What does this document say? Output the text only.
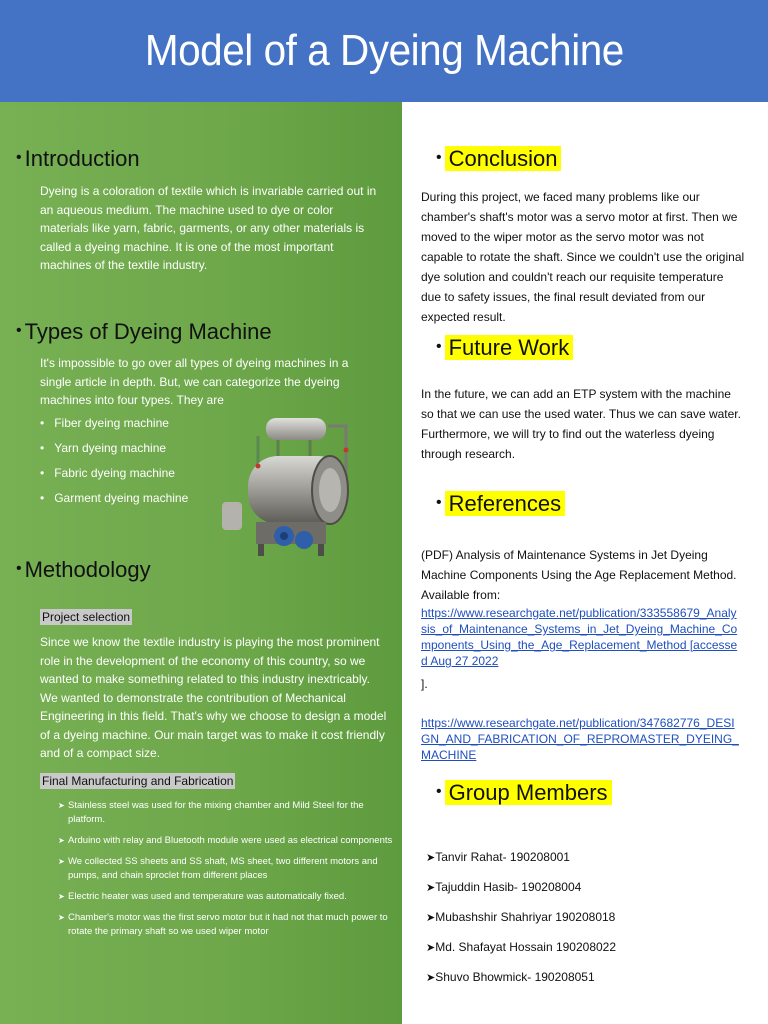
Model of a Dyeing Machine
• Introduction

Dyeing is a coloration of textile which is invariable carried out in an aqueous medium. The machine used to dye or color materials like yarn, fabric, garments, or any other materials is called a dyeing machine. It is one of the most important machines of the textile industry.

• Types of Dyeing Machine

It's impossible to go over all types of dyeing machines in a single article in depth. But, we can categorize the dyeing machines into four types. They are

• Fiber dyeing machine
• Yarn dyeing machine
• Fabric dyeing machine
• Garment dyeing machine
• Methodology
Project selection

Since we know the textile industry is playing the most prominent role in the development of the economy of this country, so we wanted to make something related to this industry inextricably. We wanted to demonstrate the contribution of Mechanical Engineering in this field. That's why we choose to design a model of a dyeing machine. Our main target was to make it cost friendly and of a compact size.

Final Manufacturing and Fabrication
➤ Stainless steel was used for the mixing chamber and Mild Steel for the platform.
➤ Arduino with relay and Bluetooth module were used as electrical components
➤ We collected SS sheets and SS shaft, MS sheet, two different motors and pumps, and chain sproclet from different places
➤ Electric heater was used and temperature was automatically fixed.
➤ Chamber's motor was the first servo motor but it had not that much power to rotate the primary shaft so we used wiper motor
• Conclusion

During this project, we faced many problems like our chamber's shaft's motor was a servo motor at first. Then we moved to the wiper motor as the servo motor was not capable to rotate the shaft. Since we couldn't use the original dye solution and couldn't reach our requisite temperature due to safety issues, the final result deviated from our expected result.

• Future Work

In the future, we can add an ETP system with the machine so that we can use the used water. Thus we can save water. Furthermore, we will try to find out the waterless dyeing through research.

• References

(PDF) Analysis of Maintenance Systems in Jet Dyeing Machine Components Using the Age Replacement Method. Available from:

https://www.researchgate.net/publication/333558679_Analysis_of_Maintenance_Systems_in_Jet_Dyeing_Machine_Components_Using_the_Age_Replacement_Method [accessed Aug 27 2022

].

https://www.researchgate.net/publication/347682776_DESIGN_AND_FABRICATION_OF_REPROMASTER_DYEING_MACHINE
• Group Members
➤ Tanvir Rahat- 190208001
➤ Tajuddin Hasib- 190208004
➤ Mubashshir Shahriyar 190208018
➤ Md. Shafayat Hossain 190208022
➤ Shuvo Bhowmick- 190208051
